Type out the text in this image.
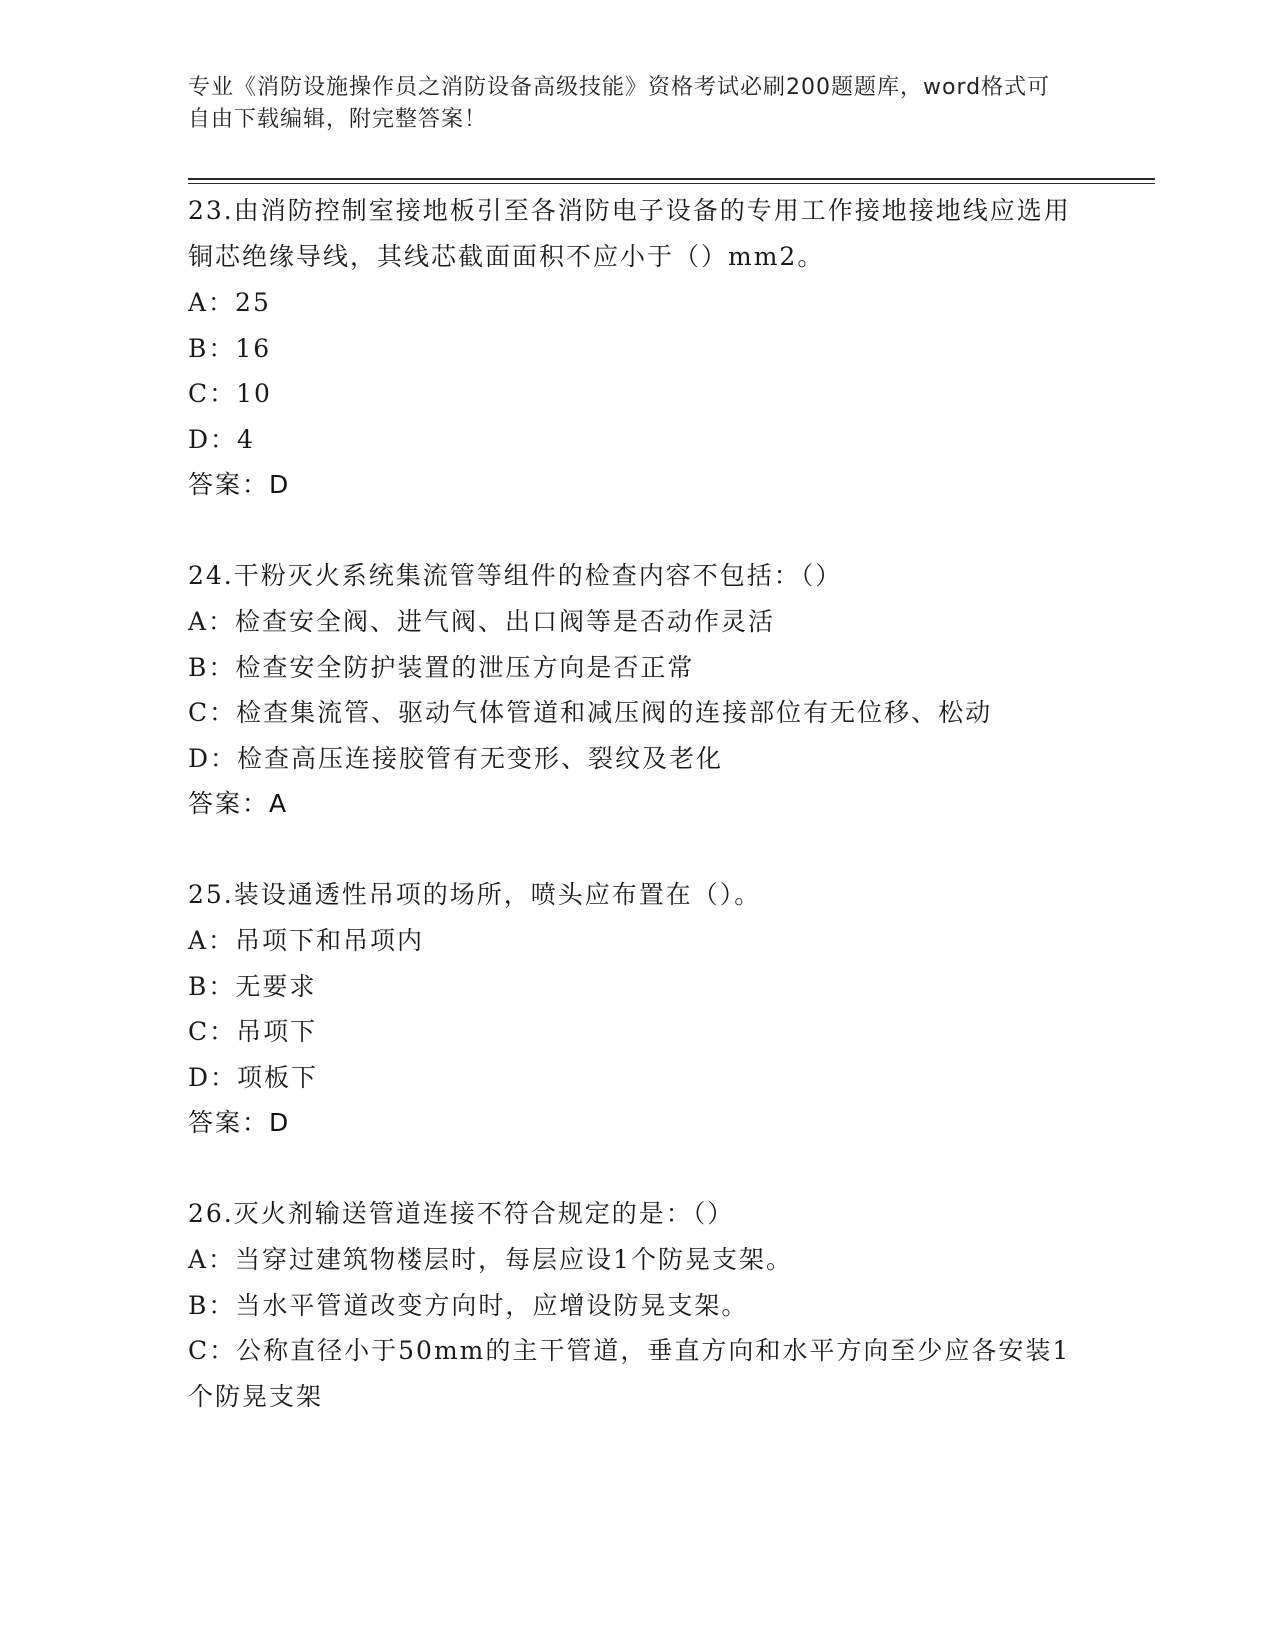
专业《消防设施操作员之消防设备高级技能》资格考试必刷200题题库，word格式可自由下载编辑，附完整答案！

23.由消防控制室接地板引至各消防电子设备的专用工作接地接地线应选用铜芯绝缘导线，其线芯截面面积不应小于（）mm2。

A：25

B：16

C：10

D：4

答案：D

24.干粉灭火系统集流管等组件的检查内容不包括：（）

A：检查安全阀、进气阀、出口阀等是否动作灵活

B：检查安全防护装置的泄压方向是否正常

C：检查集流管、驱动气体管道和减压阀的连接部位有无位移、松动

D：检查高压连接胶管有无变形、裂纹及老化

答案：A

25.装设通透性吊项的场所，喷头应布置在（）。

A：吊项下和吊项内

B：无要求

C：吊项下

D：项板下

答案：D

26.灭火剂输送管道连接不符合规定的是：（）

A：当穿过建筑物楼层时，每层应设1个防晃支架。

B：当水平管道改变方向时，应增设防晃支架。

C：公称直径小于50mm的主干管道，垂直方向和水平方向至少应各安装1个防晃支架
